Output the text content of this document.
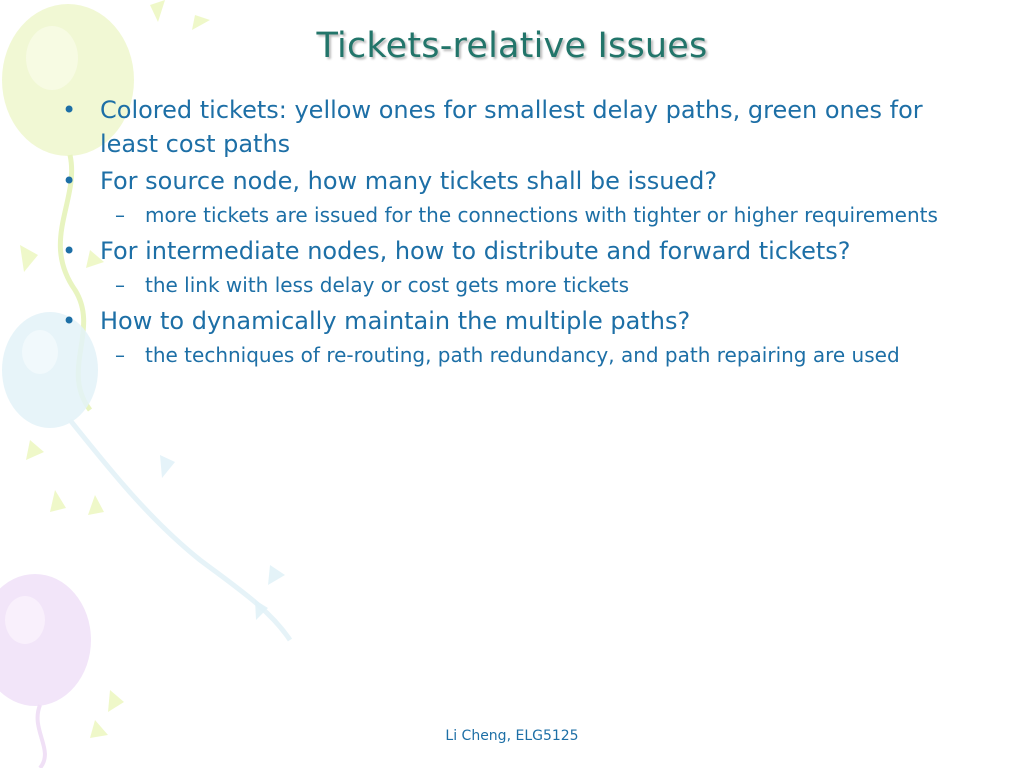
Tickets-relative Issues
• Colored tickets: yellow ones for smallest delay paths, green ones for least cost paths
• For source node, how many tickets shall be issued?
–	more tickets are issued for the connections with tighter or higher requirements
• For intermediate nodes, how to distribute and forward tickets?
–	the link with less delay or cost gets more tickets
• How to dynamically maintain the multiple paths?
–	the techniques of re-routing, path redundancy, and path repairing are used
Li Cheng, ELG5125
